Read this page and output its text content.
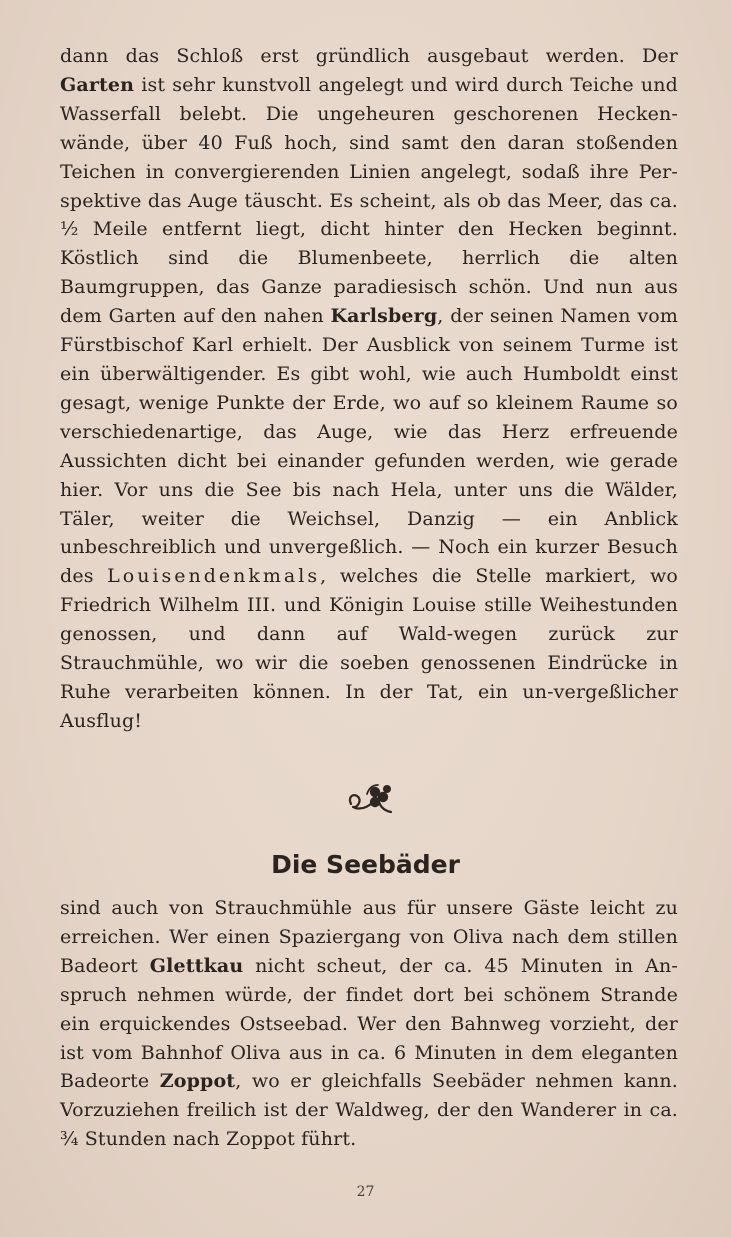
dann das Schloß erst gründlich ausgebaut werden. Der Garten ist sehr kunstvoll angelegt und wird durch Teiche und Wasserfall belebt. Die ungeheuren geschorenen Hecken-wände, über 40 Fuß hoch, sind samt den daran stoßenden Teichen in convergierenden Linien angelegt, sodaß ihre Per-spektive das Auge täuscht. Es scheint, als ob das Meer, das ca. ½ Meile entfernt liegt, dicht hinter den Hecken beginnt. Köstlich sind die Blumenbeete, herrlich die alten Baumgruppen, das Ganze paradiesisch schön. Und nun aus dem Garten auf den nahen Karlsberg, der seinen Namen vom Fürstbischof Karl erhielt. Der Ausblick von seinem Turme ist ein überwältigender. Es gibt wohl, wie auch Humboldt einst gesagt, wenige Punkte der Erde, wo auf so kleinem Raume so verschiedenartige, das Auge, wie das Herz erfreuende Aussichten dicht bei einander gefunden werden, wie gerade hier. Vor uns die See bis nach Hela, unter uns die Wälder, Täler, weiter die Weichsel, Danzig — ein Anblick unbeschreiblich und unvergeßlich. — Noch ein kurzer Besuch des Louisendenkmals, welches die Stelle markiert, wo Friedrich Wilhelm III. und Königin Louise stille Weihestunden genossen, und dann auf Wald-wegen zurück zur Strauchmühle, wo wir die soeben genossenen Eindrücke in Ruhe verarbeiten können. In der Tat, ein un-vergeßlicher Ausflug!

Die Seebäder

sind auch von Strauchmühle aus für unsere Gäste leicht zu erreichen. Wer einen Spaziergang von Oliva nach dem stillen Badeort Glettkau nicht scheut, der ca. 45 Minuten in An-spruch nehmen würde, der findet dort bei schönem Strande ein erquickendes Ostseebad. Wer den Bahnweg vorzieht, der ist vom Bahnhof Oliva aus in ca. 6 Minuten in dem eleganten Badeorte Zoppot, wo er gleichfalls Seebäder nehmen kann. Vorzuziehen freilich ist der Waldweg, der den Wanderer in ca. ¾ Stunden nach Zoppot führt.

27
